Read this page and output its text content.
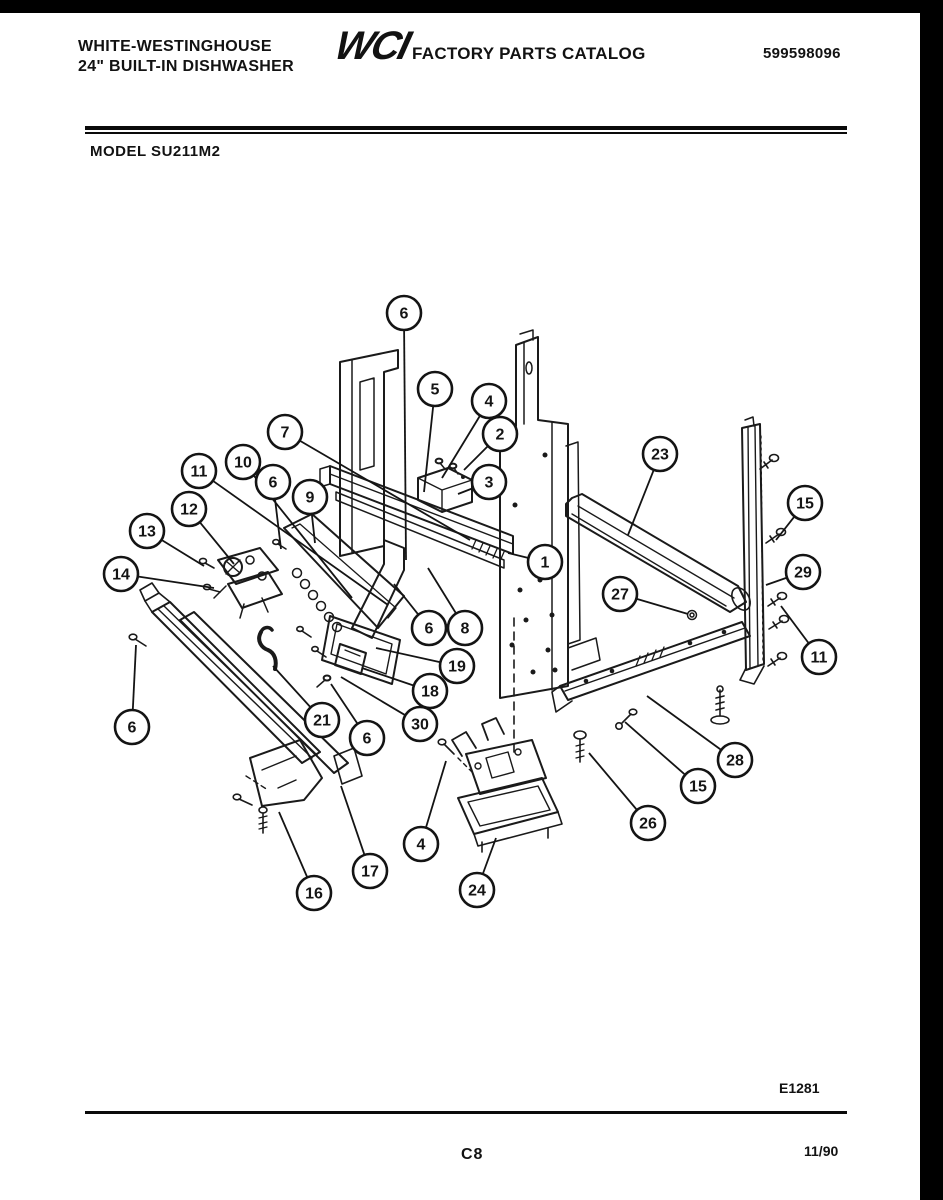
WHITE-WESTINGHOUSE
24" BUILT-IN DISHWASHER WCI
FACTORY PARTS CATALOG	599598096
MODEL SU211M2
6
5
4
2
7
3
23
11
10
6
9
12
13
15
14
1
29
27
6 8
11
19
18
15
21	30
6
6
28
26
4
24
16
17
E1281
C8	11/90
